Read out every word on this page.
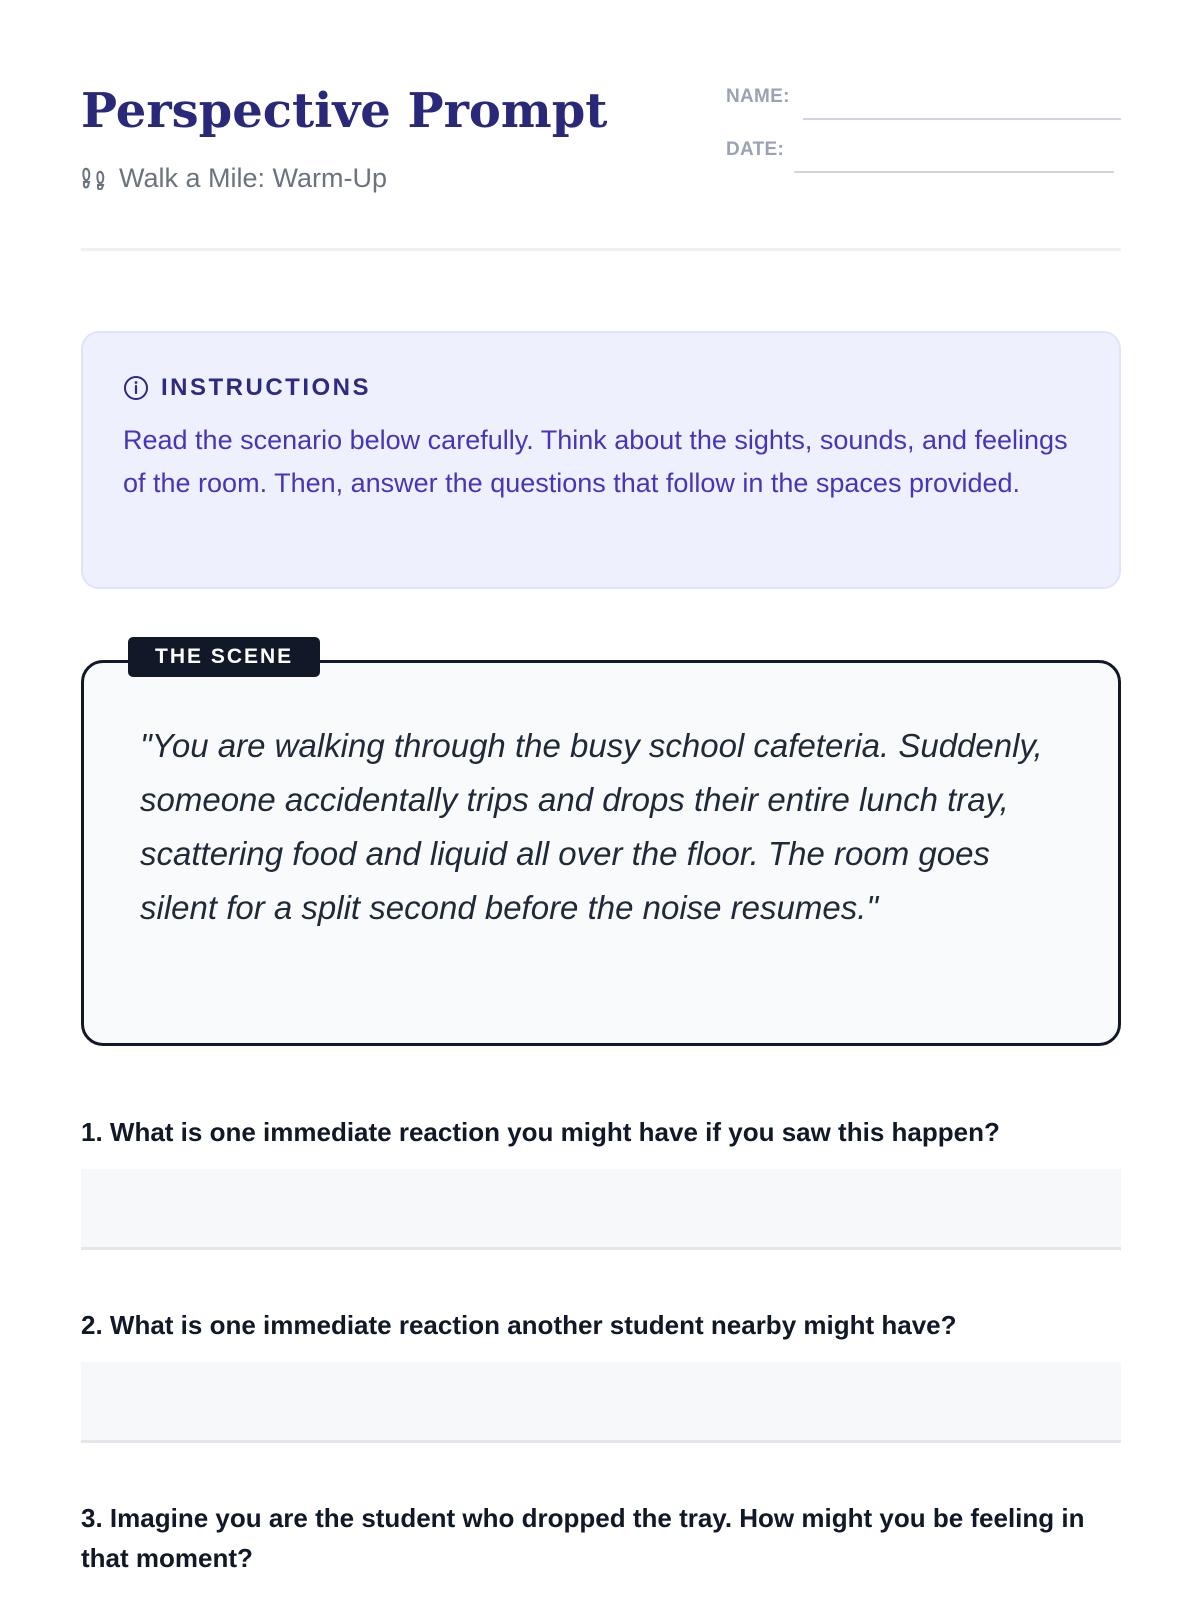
Perspective Prompt
Walk a Mile: Warm-Up
NAME:
DATE:
INSTRUCTIONS
Read the scenario below carefully. Think about the sights, sounds, and feelings of the room. Then, answer the questions that follow in the spaces provided.
THE SCENE
"You are walking through the busy school cafeteria. Suddenly, someone accidentally trips and drops their entire lunch tray, scattering food and liquid all over the floor. The room goes silent for a split second before the noise resumes."
1. What is one immediate reaction you might have if you saw this happen?
2. What is one immediate reaction another student nearby might have?
3. Imagine you are the student who dropped the tray. How might you be feeling in that moment?
